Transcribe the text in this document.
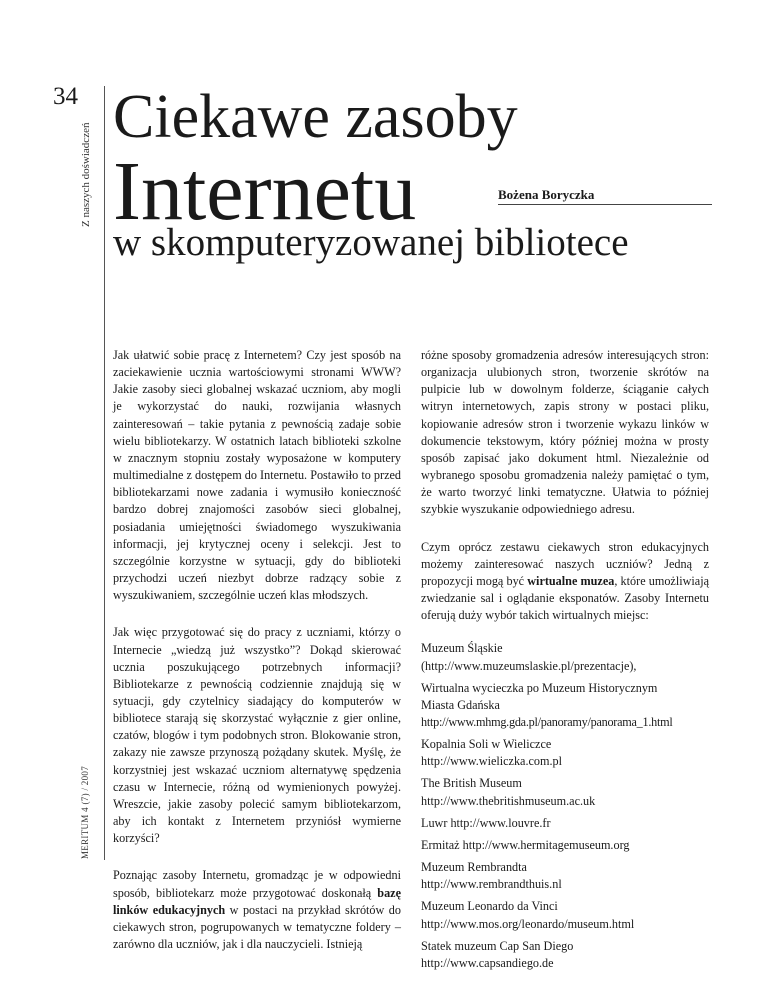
34
Z naszych doświadczeń
MERITUM 4 (7) / 2007
Ciekawe zasoby
Internetu	Bożena Boryczka
w skomputeryzowanej bibliotece

Jak ułatwić sobie pracę z Internetem? Czy jest sposób na zaciekawienie ucznia wartościowymi stronami WWW? Jakie zasoby sieci globalnej wskazać uczniom, aby mogli je wykorzystać do nauki, rozwijania własnych zainteresowań – takie pytania z pewnością zadaje sobie wielu bibliotekarzy. W ostatnich latach biblioteki szkolne w znacznym stopniu zostały wyposażone w komputery multimedialne z dostępem do Internetu. Postawiło to przed bibliotekarzami nowe zadania i wymusiło konieczność bardzo dobrej znajomości zasobów sieci globalnej, posiadania umiejętności świadomego wyszukiwania informacji, jej krytycznej oceny i selekcji. Jest to szczególnie korzystne w sytuacji, gdy do biblioteki przychodzi uczeń niezbyt dobrze radzący sobie z wyszukiwaniem, szczególnie uczeń klas młodszych.

Jak więc przygotować się do pracy z uczniami, którzy o Internecie „wiedzą już wszystko”? Dokąd skierować ucznia poszukującego potrzebnych informacji? Bibliotekarze z pewnością codziennie znajdują się w sytuacji, gdy czytelnicy siadający do komputerów w bibliotece starają się skorzystać wyłącznie z gier online, czatów, blogów i tym podobnych stron. Blokowanie stron, zakazy nie zawsze przynoszą pożądany skutek. Myślę, że korzystniej jest wskazać uczniom alternatywę spędzenia czasu w Internecie, różną od wymienionych powyżej. Wreszcie, jakie zasoby polecić samym bibliotekarzom, aby ich kontakt z Internetem przyniósł wymierne korzyści?

Poznając zasoby Internetu, gromadząc je w odpowiedni sposób, bibliotekarz może przygotować doskonałą bazę linków edukacyjnych w postaci na przykład skrótów do ciekawych stron, pogrupowanych w tematyczne foldery – zarówno dla uczniów, jak i dla nauczycieli. Istnieją

różne sposoby gromadzenia adresów interesujących stron: organizacja ulubionych stron, tworzenie skrótów na pulpicie lub w dowolnym folderze, ściąganie całych witryn internetowych, zapis strony w postaci pliku, kopiowanie adresów stron i tworzenie wykazu linków w dokumencie tekstowym, który później można w prosty sposób zapisać jako dokument html. Niezależnie od wybranego sposobu gromadzenia należy pamiętać o tym, że warto tworzyć linki tematyczne. Ułatwia to później szybkie wyszukanie odpowiedniego adresu.

Czym oprócz zestawu ciekawych stron edukacyjnych możemy zainteresować naszych uczniów? Jedną z propozycji mogą być wirtualne muzea, które umożliwiają zwiedzanie sal i oglądanie eksponatów. Zasoby Internetu oferują duży wybór takich wirtualnych miejsc:

Muzeum Śląskie
(http://www.muzeumslaskie.pl/prezentacje),
Wirtualna wycieczka po Muzeum Historycznym
Miasta Gdańska
http://www.mhmg.gda.pl/panoramy/panorama_1.html
Kopalnia Soli w Wieliczce
http://www.wieliczka.com.pl
The British Museum
http://www.thebritishmuseum.ac.uk
Luwr http://www.louvre.fr
Ermitaż http://www.hermitagemuseum.org
Muzeum Rembrandta
http://www.rembrandthuis.nl
Muzeum Leonardo da Vinci
http://www.mos.org/leonardo/museum.html
Statek muzeum Cap San Diego
http://www.capsandiego.de
